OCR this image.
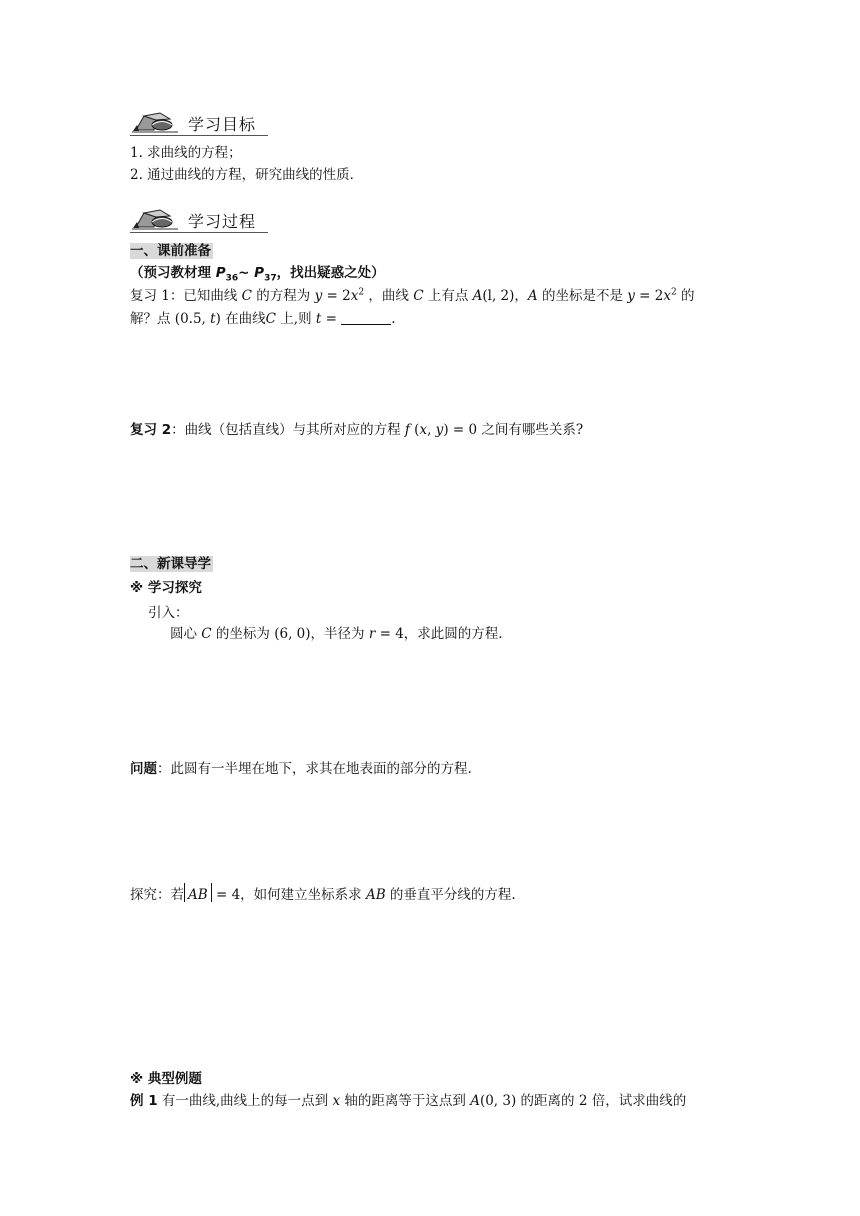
学习目标
1. 求曲线的方程；
2. 通过曲线的方程，研究曲线的性质．
学习过程
一、课前准备
（预习教材理 $P_{36}\sim$ $P_{37}$，找出疑惑之处）
复习 1：已知曲线 C 的方程为 $y = 2x^2$ ，曲线 C 上有点 A(l, 2)，A 的坐标是不是 $y = 2x^2$ 的
解？点 (0.5, t) 在曲线C 上,则 t =	.
复习 2：曲线（包括直线）与其所对应的方程 f (x, y) = 0 之间有哪些关系?
二、新课导学
※ 学习探究
引入：
圆心 C 的坐标为 (6, 0)，半径为 r = 4，求此圆的方程.
问题：此圆有一半埋在地下，求其在地表面的部分的方程.
探究：若 AB
= 4，如何建立坐标系求 AB 的垂直平分线的方程.
※ 典型例题
例 1 有一曲线,曲线上的每一点到 x 轴的距离等于这点到 A(0, 3) 的距离的 2 倍，试求曲线的
